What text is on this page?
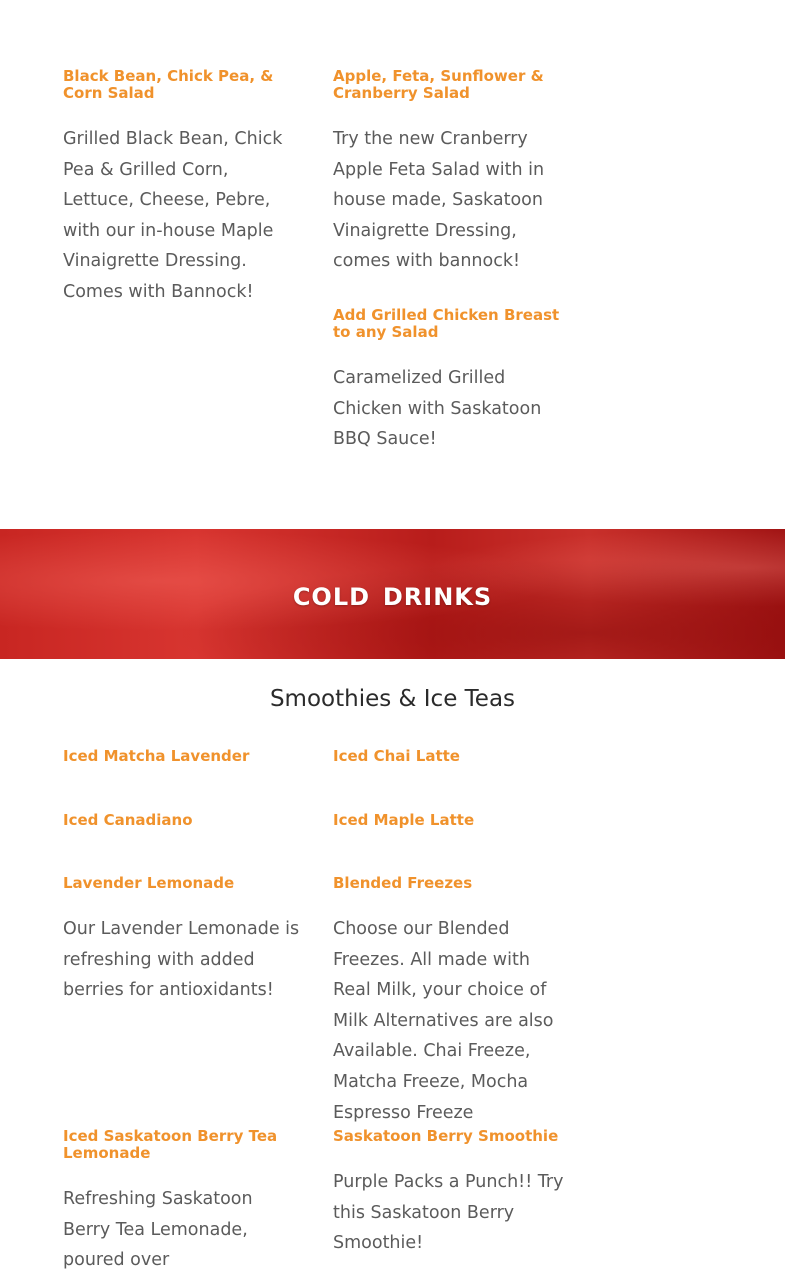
Black Bean, Chick Pea, & Corn Salad

Grilled Black Bean, Chick Pea & Grilled Corn, Lettuce, Cheese, Pebre, with our in-house Maple Vinaigrette Dressing. Comes with Bannock!

Apple, Feta, Sunflower & Cranberry Salad

Try the new Cranberry Apple Feta Salad with in house made, Saskatoon Vinaigrette Dressing, comes with bannock!

Add Grilled Chicken Breast to any Salad

Caramelized Grilled Chicken with Saskatoon BBQ Sauce!

cold drinks
Smoothies & Ice Teas
Iced Matcha Lavender	Iced Chai Latte
Iced Canadiano	Iced Maple Latte
Lavender Lemonade

Our Lavender Lemonade is refreshing with added berries for antioxidants!

Blended Freezes

Choose our Blended Freezes. All made with Real Milk, your choice of Milk Alternatives are also Available. Chai Freeze, Matcha Freeze, Mocha Espresso Freeze

Iced Saskatoon Berry Tea Lemonade

Refreshing Saskatoon Berry Tea Lemonade, poured over

Saskatoon Berry Smoothie

Purple Packs a Punch!! Try this Saskatoon Berry Smoothie!
